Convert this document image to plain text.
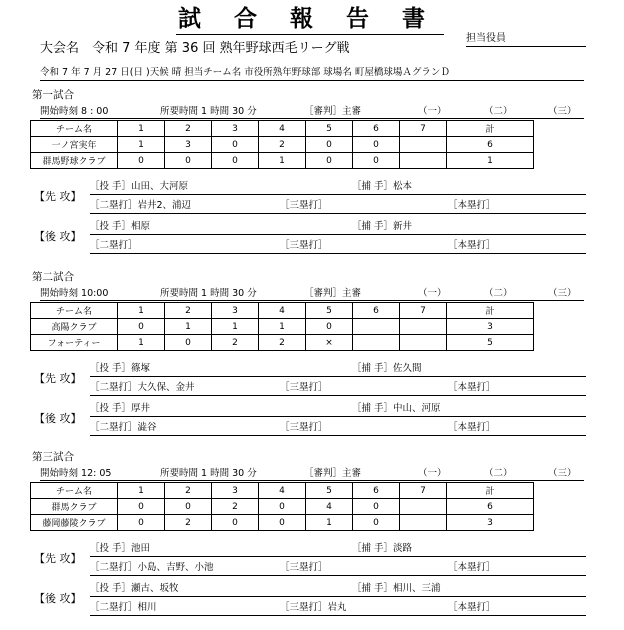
試合報告書
担当役員
大会名　令和 7 年度 第 36 回 熟年野球西毛リーグ戦
令和 7 年 7 月 27 日(日 )天候 晴 担当チーム名 市役所熟年野球部 球場名 町屋橋球場ＡグランＤ
第一試合
開始時刻 8 : 00	所要時間 1 時間 30 分	［審判］主審	（一）	（二）	（三）
チーム名	1	2	3	4	5	6	7	計
一ノ宮実年	1	3	0	2	0	0		6
群馬野球クラブ	0	0	0	1	0	0		1
【先 攻】
［投 手］山田、大河原	［捕 手］松本
［二塁打］岩井2、浦辺	［三塁打］	［本塁打］
【後 攻】
［投 手］相原	［捕 手］新井
［二塁打］	［三塁打］	［本塁打］
第二試合
開始時刻 10:00	所要時間 1 時間 30 分	［審判］主審	（一）	（二）	（三）
チーム名	1	2	3	4	5	6	7	計
高陽クラブ	0	1	1	1	0			3
フォーティー	1	0	2	2	×			5
【先 攻】
［投 手］篠塚	［捕 手］佐久間
［二塁打］大久保、金井	［三塁打］	［本塁打］
【後 攻】
［投 手］厚井	［捕 手］中山、河原
［二塁打］澁谷	［三塁打］	［本塁打］
第三試合
開始時刻 12: 05	所要時間 1 時間 30 分	［審判］主審	（一）	（二）	（三）
チーム名	1	2	3	4	5	6	7	計
群馬クラブ	0	0	2	0	4	0		6
藤岡藤陵クラブ	0	2	0	0	1	0		3
【先 攻】
［投 手］池田	［捕 手］淡路
［二塁打］小島、吉野、小池	［三塁打］	［本塁打］
【後 攻】
［投 手］瀬古、坂牧	［捕 手］相川、三浦
［二塁打］相川	［三塁打］岩丸	［本塁打］
